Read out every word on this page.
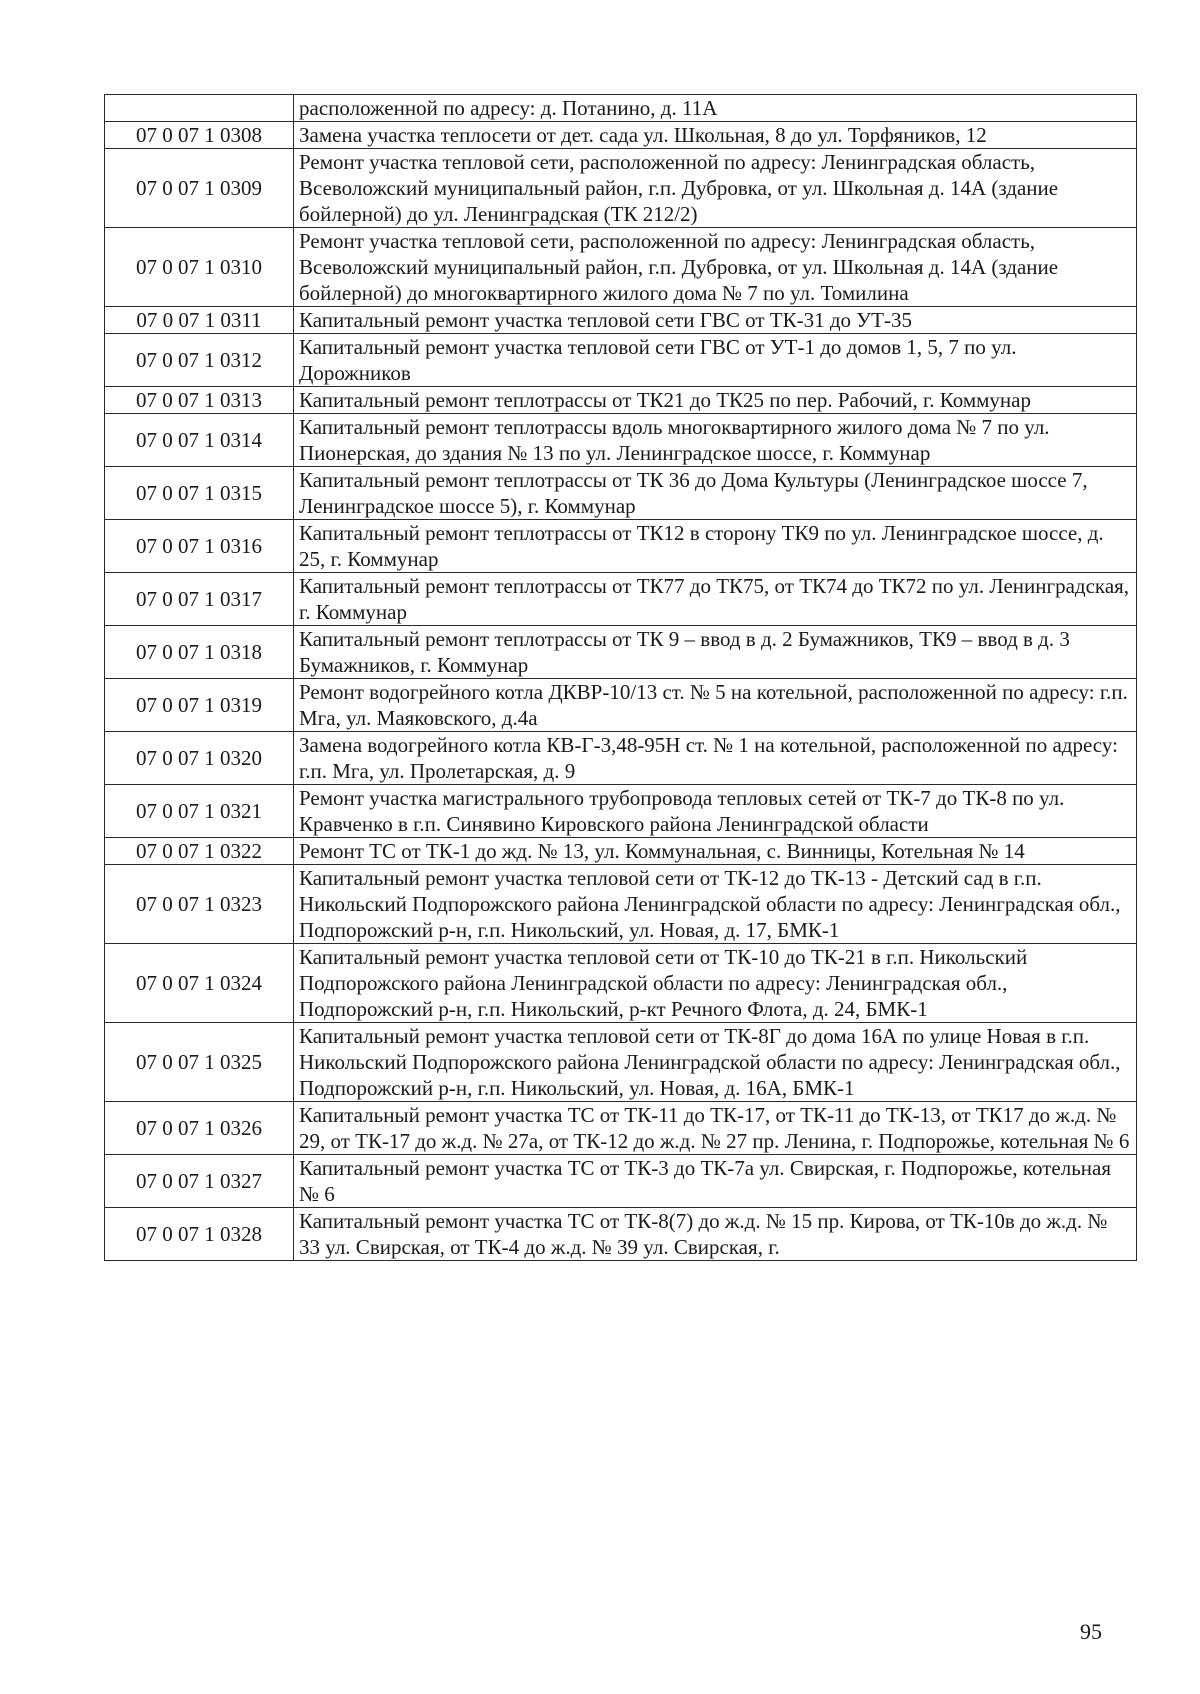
	расположенной по адресу: д. Потанино, д. 11А
07 0 07 1 0308	Замена участка теплосети от дет. сада ул. Школьная, 8 до ул. Торфяников, 12
07 0 07 1 0309	Ремонт участка тепловой сети, расположенной по адресу: Ленинградская область, Всеволожский муниципальный район, г.п. Дубровка, от ул. Школьная д. 14А (здание бойлерной) до ул. Ленинградская (ТК 212/2)
07 0 07 1 0310	Ремонт участка тепловой сети, расположенной по адресу: Ленинградская область, Всеволожский муниципальный район, г.п. Дубровка, от ул. Школьная д. 14А (здание бойлерной) до многоквартирного жилого дома № 7 по ул. Томилина
07 0 07 1 0311	Капитальный ремонт участка тепловой сети ГВС от ТК-31 до УТ-35
07 0 07 1 0312	Капитальный ремонт участка тепловой сети ГВС от УТ-1 до домов 1, 5, 7 по ул. Дорожников
07 0 07 1 0313	Капитальный ремонт теплотрассы от ТК21 до ТК25 по пер. Рабочий, г. Коммунар
07 0 07 1 0314	Капитальный ремонт теплотрассы вдоль многоквартирного жилого дома № 7 по ул. Пионерская, до здания № 13 по ул. Ленинградское шоссе, г. Коммунар
07 0 07 1 0315	Капитальный ремонт теплотрассы от ТК 36 до Дома Культуры (Ленинградское шоссе 7, Ленинградское шоссе 5), г. Коммунар
07 0 07 1 0316	Капитальный ремонт теплотрассы от ТК12 в сторону ТК9 по ул. Ленинградское шоссе, д. 25, г. Коммунар
07 0 07 1 0317	Капитальный ремонт теплотрассы от ТК77 до ТК75, от ТК74 до ТК72 по ул. Ленинградская, г. Коммунар
07 0 07 1 0318	Капитальный ремонт теплотрассы от ТК 9 – ввод в д. 2 Бумажников, ТК9 – ввод в д. 3 Бумажников, г. Коммунар
07 0 07 1 0319	Ремонт водогрейного котла ДКВР-10/13 ст. № 5 на котельной, расположенной по адресу: г.п. Мга, ул. Маяковского, д.4а
07 0 07 1 0320	Замена водогрейного котла КВ-Г-3,48-95Н ст. № 1 на котельной, расположенной по адресу: г.п. Мга, ул. Пролетарская, д. 9
07 0 07 1 0321	Ремонт участка магистрального трубопровода тепловых сетей от ТК-7 до ТК-8 по ул. Кравченко в г.п. Синявино Кировского района Ленинградской области
07 0 07 1 0322	Ремонт ТС от ТК-1 до жд. № 13, ул. Коммунальная, с. Винницы, Котельная № 14
07 0 07 1 0323	Капитальный ремонт участка тепловой сети от ТК-12 до ТК-13 - Детский сад в г.п. Никольский Подпорожского района Ленинградской области по адресу: Ленинградская обл., Подпорожский р-н, г.п. Никольский, ул. Новая, д. 17, БМК-1
07 0 07 1 0324	Капитальный ремонт участка тепловой сети от ТК-10 до ТК-21 в г.п. Никольский Подпорожского района Ленинградской области по адресу: Ленинградская обл., Подпорожский р-н, г.п. Никольский, р-кт Речного Флота, д. 24, БМК-1
07 0 07 1 0325	Капитальный ремонт участка тепловой сети от ТК-8Г до дома 16А по улице Новая в г.п. Никольский Подпорожского района Ленинградской области по адресу: Ленинградская обл., Подпорожский р-н, г.п. Никольский, ул. Новая, д. 16А, БМК-1
07 0 07 1 0326	Капитальный ремонт участка ТС от ТК-11 до ТК-17, от ТК-11 до ТК-13, от ТК17 до ж.д. № 29, от ТК-17 до ж.д. № 27а, от ТК-12 до ж.д. № 27 пр. Ленина, г. Подпорожье, котельная № 6
07 0 07 1 0327	Капитальный ремонт участка ТС от ТК-3 до ТК-7а ул. Свирская, г. Подпорожье, котельная № 6
07 0 07 1 0328	Капитальный ремонт участка ТС от ТК-8(7) до ж.д. № 15 пр. Кирова, от ТК-10в до ж.д. № 33 ул. Свирская, от ТК-4 до ж.д. № 39 ул. Свирская, г.
95
